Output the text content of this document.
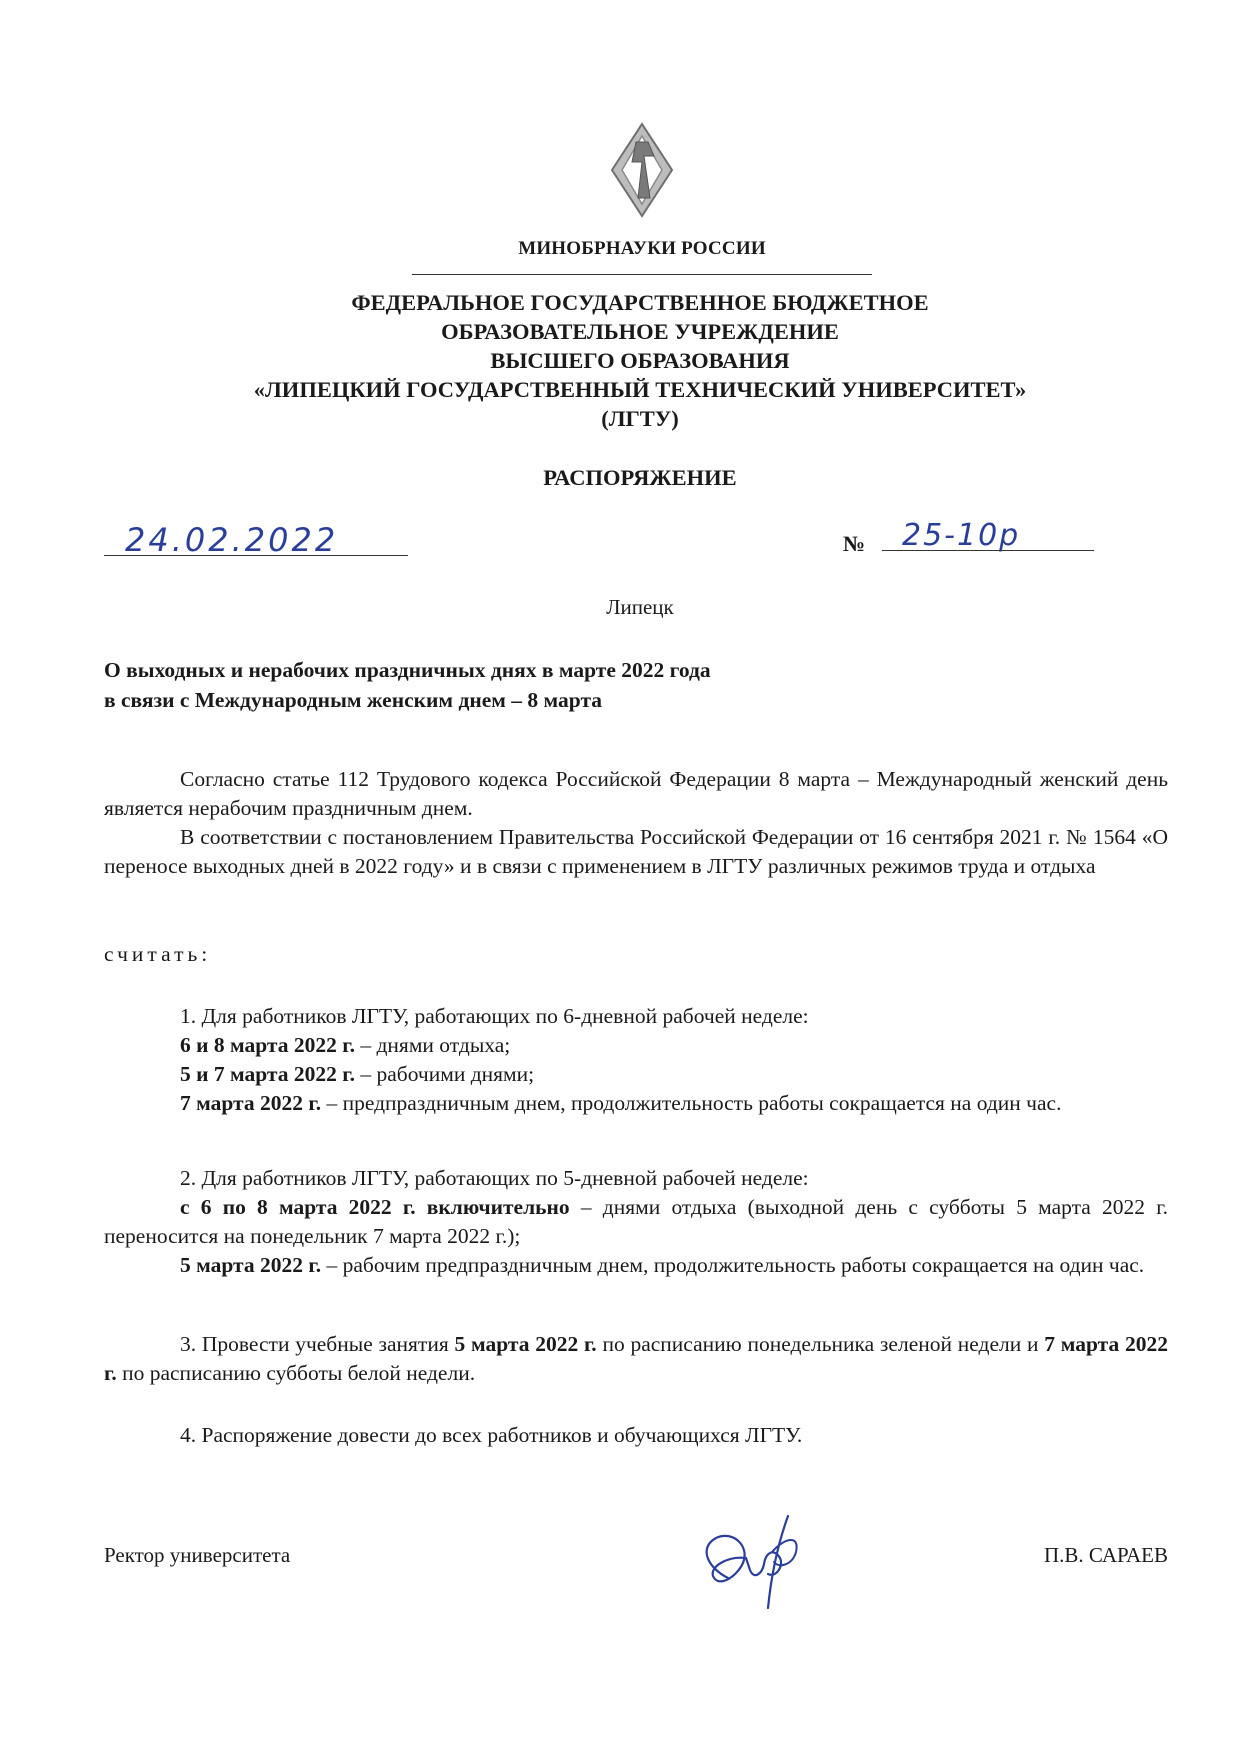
МИНОБРНАУКИ РОССИИ
ФЕДЕРАЛЬНОЕ ГОСУДАРСТВЕННОЕ БЮДЖЕТНОЕ
ОБРАЗОВАТЕЛЬНОЕ УЧРЕЖДЕНИЕ
ВЫСШЕГО ОБРАЗОВАНИЯ
«ЛИПЕЦКИЙ ГОСУДАРСТВЕННЫЙ ТЕХНИЧЕСКИЙ УНИВЕРСИТЕТ»
(ЛГТУ)
РАСПОРЯЖЕНИЕ
24.02.2022	№ 25-10р
Липецк
О выходных и нерабочих праздничных днях в марте 2022 года
в связи с Международным женским днем – 8 марта

Согласно статье 112 Трудового кодекса Российской Федерации 8 марта – Международный женский день является нерабочим праздничным днем.

В соответствии с постановлением Правительства Российской Федерации от 16 сентября 2021 г. № 1564 «О переносе выходных дней в 2022 году» и в связи с применением в ЛГТУ различных режимов труда и отдыха

считать:

1. Для работников ЛГТУ, работающих по 6-дневной рабочей неделе:

6 и 8 марта 2022 г. – днями отдыха;

5 и 7 марта 2022 г. – рабочими днями;

7 марта 2022 г. – предпраздничным днем, продолжительность работы сокращается на один час.

2. Для работников ЛГТУ, работающих по 5-дневной рабочей неделе:

с 6 по 8 марта 2022 г. включительно – днями отдыха (выходной день с субботы 5 марта 2022 г. переносится на понедельник 7 марта 2022 г.);

5 марта 2022 г. – рабочим предпраздничным днем, продолжительность работы сокращается на один час.

3. Провести учебные занятия 5 марта 2022 г. по расписанию понедельника зеленой недели и 7 марта 2022 г. по расписанию субботы белой недели.

4. Распоряжение довести до всех работников и обучающихся ЛГТУ.

Ректор университета	П.В. САРАЕВ
